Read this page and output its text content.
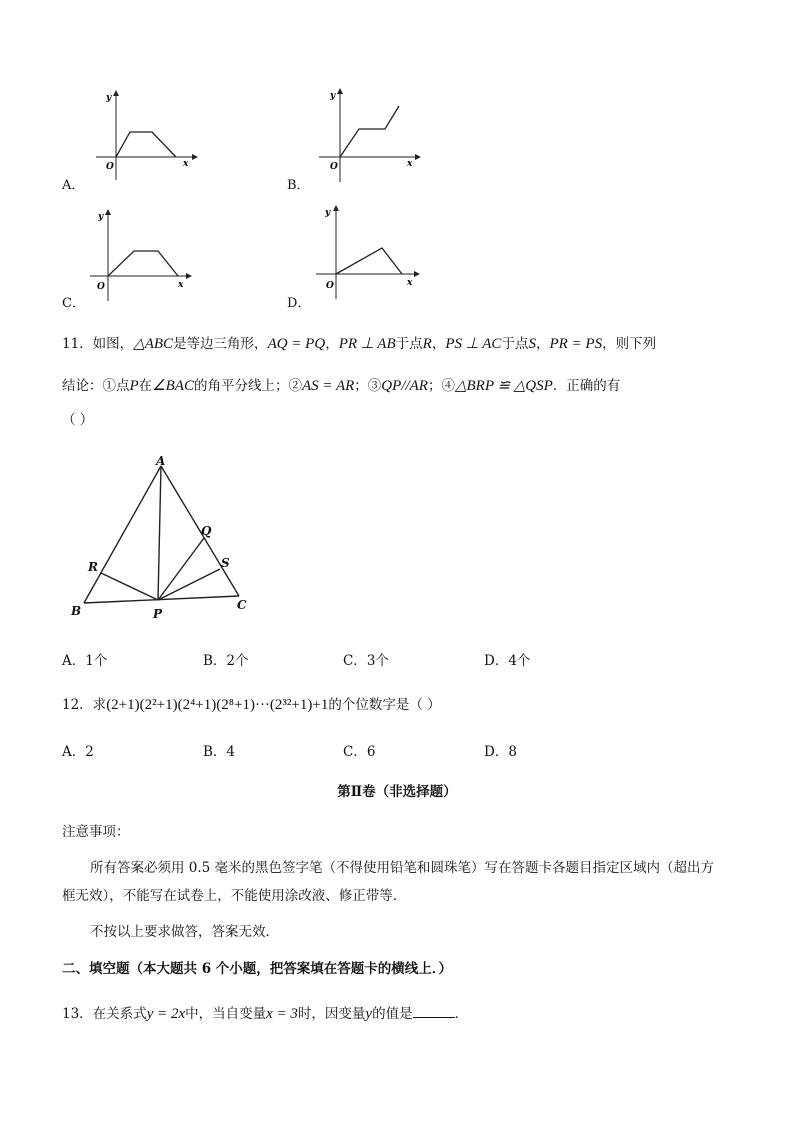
y
x
O
A．
y
x
O
B．
y
x
O
C．
y
x
O
D．
11．如图，△ABC是等边三角形，AQ = PQ，PR ⊥ AB于点R，PS ⊥ AC于点S，PR = PS，则下列
结论：①点P在∠BAC的角平分线上；②AS = AR；③QP//AR；④△BRP ≌ △QSP．正确的有
（ ）
A
B	C
P
Q
R	S
A．1个	B．2个	C．3个	D．4个
12．求(2+1)(2²+1)(2⁴+1)(2⁸+1)···(2³²+1)+1的个位数字是（ ）
A．2	B．4	C．6	D．8
第Ⅱ卷（非选择题）
注意事项：
所有答案必须用 0.5 毫米的黑色签字笔（不得使用铅笔和圆珠笔）写在答题卡各题目指定区域内（超出方
框无效），不能写在试卷上，不能使用涂改液、修正带等．
不按以上要求做答，答案无效．
二、填空题（本大题共 6 个小题，把答案填在答题卡的横线上．）
13．在关系式y = 2x中，当自变量x = 3时，因变量y的值是	．
